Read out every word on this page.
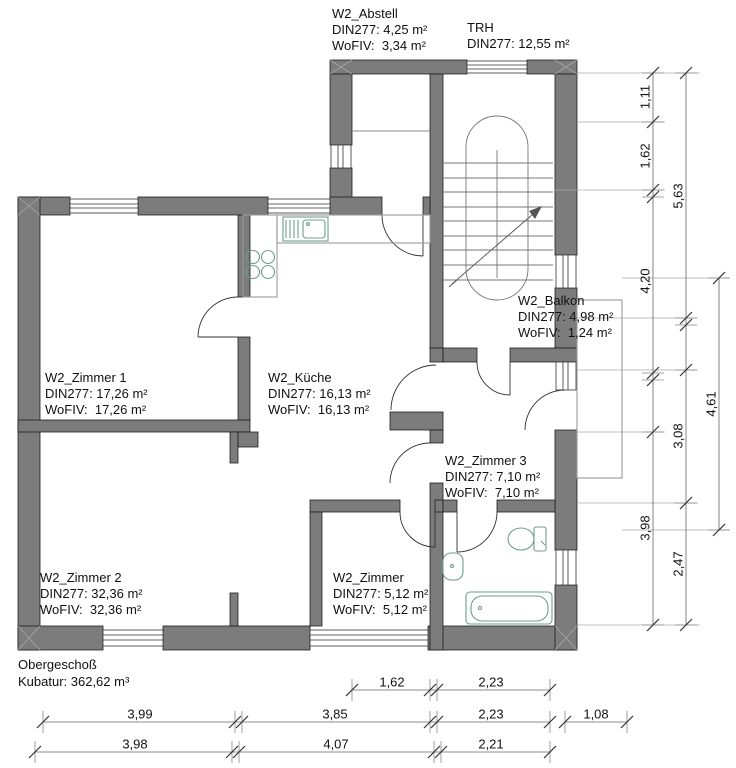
W2_Abstell
DIN277: 4,25 m²
WoFIV:  3,34 m²
TRH
DIN277: 12,55 m²
W2_Zimmer 1
DIN277: 17,26 m²
WoFIV:  17,26 m²
W2_Küche
DIN277: 16,13 m²
WoFIV:  16,13 m²
W2_Balkon
DIN277: 4,98 m²
WoFIV:  1,24 m²
W2_Zimmer 3
DIN277: 7,10 m²
WoFIV:  7,10 m²
W2_Zimmer 2
DIN277: 32,36 m²
WoFIV:  32,36 m²
W2_Zimmer
DIN277: 5,12 m²
WoFIV:  5,12 m²
Obergeschoß
Kubatur: 362,62 m³
1,11
1,62
4,20
3,98
5,63
3,08
2,47
4,61
1,62	2,23
3,99	3,85	2,23	1,08
3,98	4,07	2,21
